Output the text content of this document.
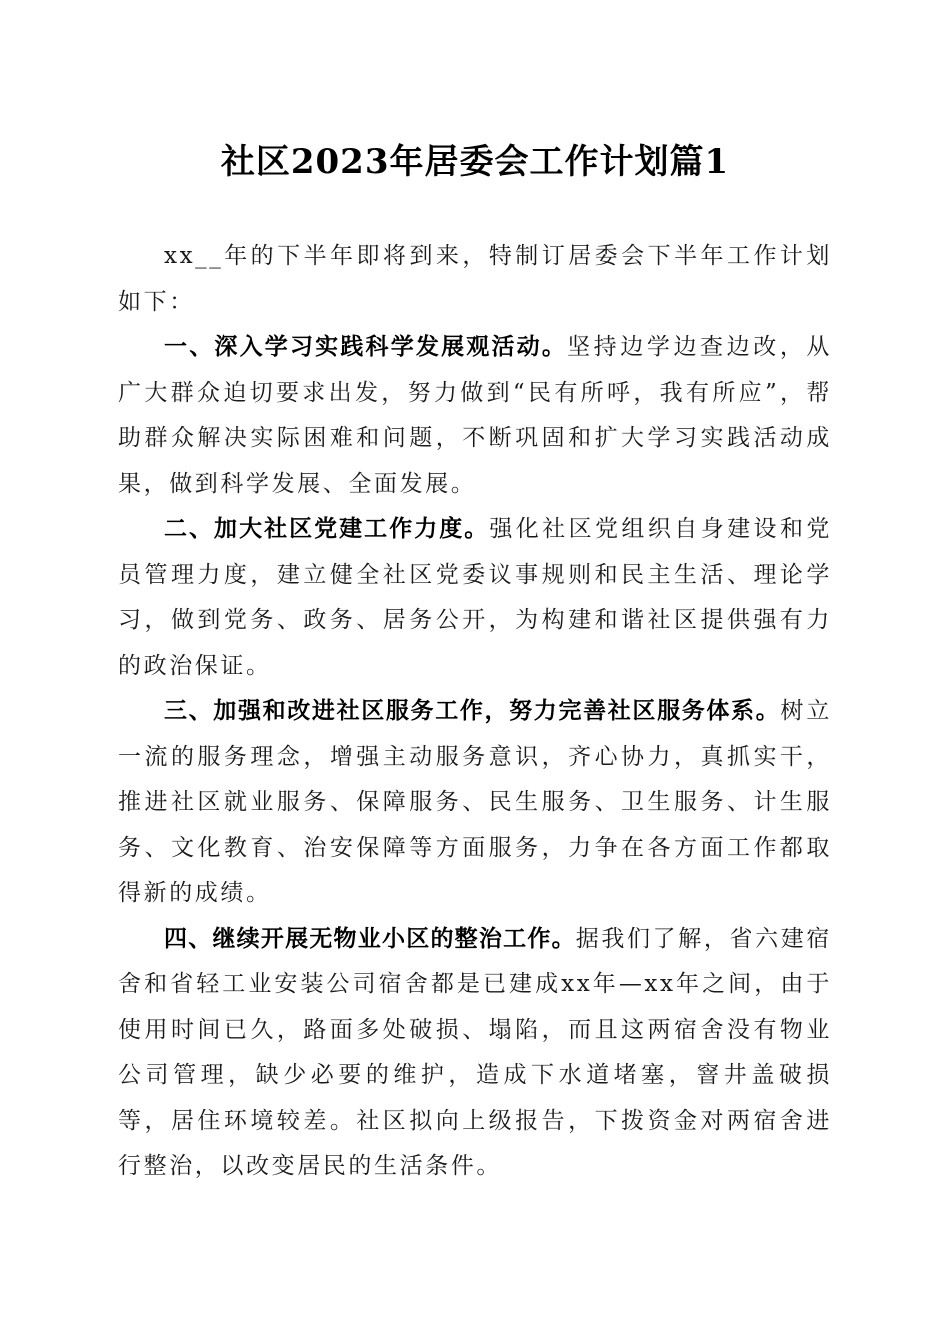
社区2023年居委会工作计划篇1

xx__年的下半年即将到来，特制订居委会下半年工作计划如下：

一、深入学习实践科学发展观活动。坚持边学边查边改，从广大群众迫切要求出发，努力做到“民有所呼，我有所应”，帮助群众解决实际困难和问题，不断巩固和扩大学习实践活动成果，做到科学发展、全面发展。

二、加大社区党建工作力度。强化社区党组织自身建设和党员管理力度，建立健全社区党委议事规则和民主生活、理论学习，做到党务、政务、居务公开，为构建和谐社区提供强有力的政治保证。

三、加强和改进社区服务工作，努力完善社区服务体系。树立一流的服务理念，增强主动服务意识，齐心协力，真抓实干，推进社区就业服务、保障服务、民生服务、卫生服务、计生服务、文化教育、治安保障等方面服务，力争在各方面工作都取得新的成绩。

四、继续开展无物业小区的整治工作。据我们了解，省六建宿舍和省轻工业安装公司宿舍都是已建成xx年—xx年之间，由于使用时间已久，路面多处破损、塌陷，而且这两宿舍没有物业公司管理，缺少必要的维护，造成下水道堵塞，窨井盖破损等，居住环境较差。社区拟向上级报告，下拨资金对两宿舍进行整治，以改变居民的生活条件。
